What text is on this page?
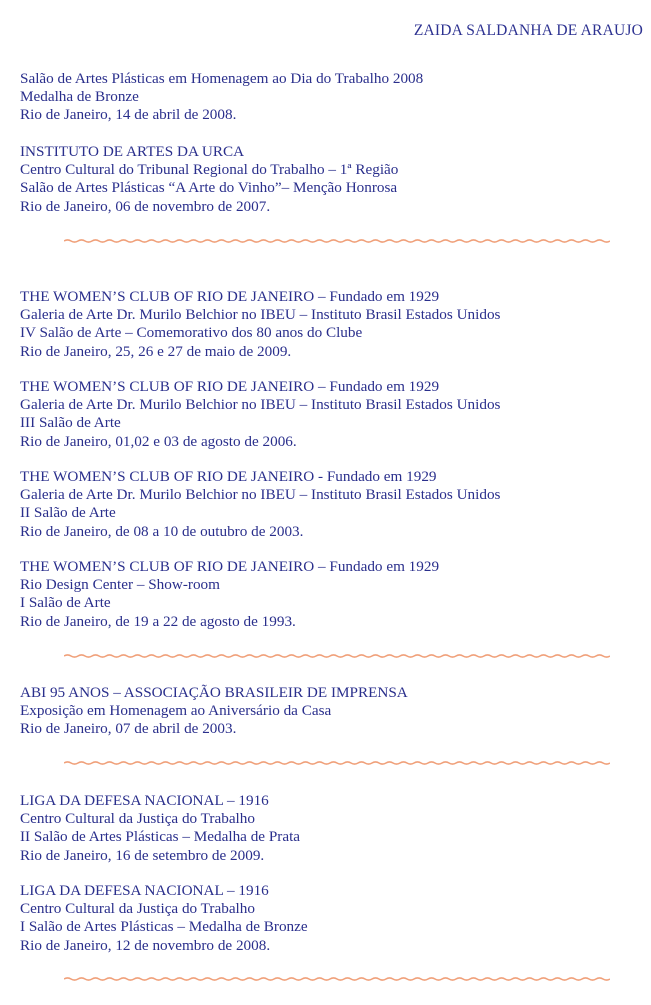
ZAIDA SALDANHA DE ARAUJO
Salão de Artes Plásticas em Homenagem ao Dia do Trabalho 2008
Medalha de Bronze
Rio de Janeiro, 14 de abril de 2008.
INSTITUTO DE ARTES DA URCA
Centro Cultural do Tribunal Regional do Trabalho – 1ª Região
Salão de Artes Plásticas “A Arte do Vinho”– Menção Honrosa
Rio de Janeiro, 06 de novembro de 2007.
THE WOMEN’S CLUB OF RIO DE JANEIRO – Fundado em 1929
Galeria de Arte Dr. Murilo Belchior no IBEU – Instituto Brasil Estados Unidos
IV Salão de Arte – Comemorativo dos 80 anos do Clube
Rio de Janeiro, 25, 26 e 27 de maio de 2009.
THE WOMEN’S CLUB OF RIO DE JANEIRO – Fundado em 1929
Galeria de Arte Dr. Murilo Belchior no IBEU – Instituto Brasil Estados Unidos
III Salão de Arte
Rio de Janeiro, 01,02 e 03 de agosto de 2006.
THE WOMEN’S CLUB OF RIO DE JANEIRO - Fundado em 1929
Galeria de Arte Dr. Murilo Belchior no IBEU – Instituto Brasil Estados Unidos
II Salão de Arte
Rio de Janeiro, de 08 a 10 de outubro de 2003.
THE WOMEN’S CLUB OF RIO DE JANEIRO – Fundado em 1929
Rio Design Center – Show-room
I Salão de Arte
Rio de Janeiro, de 19 a 22 de agosto de 1993.
ABI 95 ANOS – ASSOCIAÇÃO BRASILEIR DE IMPRENSA
Exposição em Homenagem ao Aniversário da Casa
Rio de Janeiro, 07 de abril de 2003.
LIGA DA DEFESA NACIONAL – 1916
Centro Cultural da Justiça do Trabalho
II Salão de Artes Plásticas – Medalha de Prata
Rio de Janeiro, 16 de setembro de 2009.
LIGA DA DEFESA NACIONAL – 1916
Centro Cultural da Justiça do Trabalho
I Salão de Artes Plásticas – Medalha de Bronze
Rio de Janeiro, 12 de novembro de 2008.
